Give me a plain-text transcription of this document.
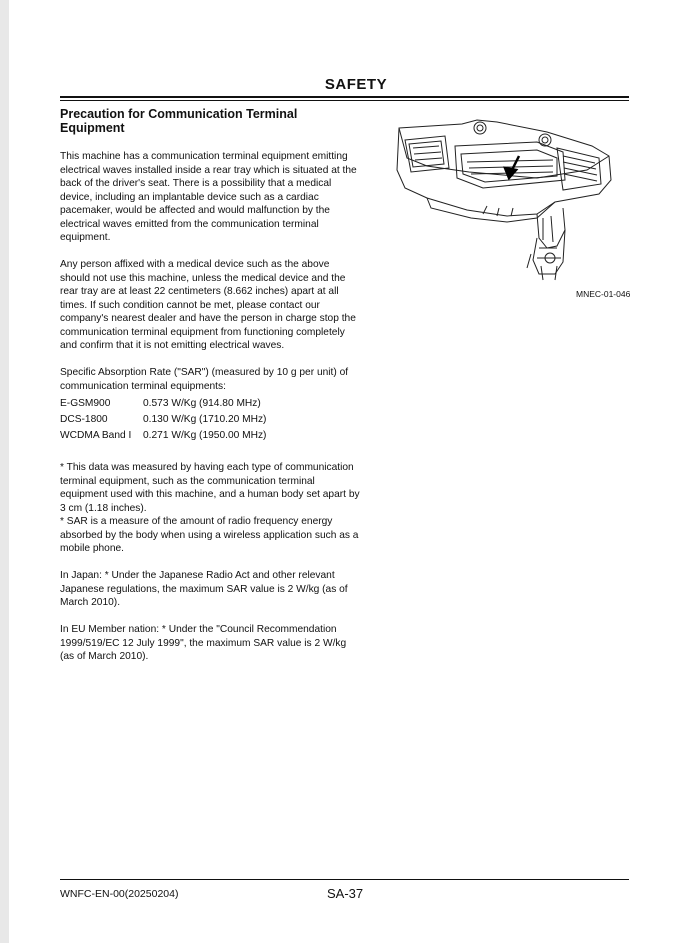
SAFETY
Precaution for Communication Terminal Equipment
This machine has a communication terminal equipment emitting electrical waves installed inside a rear tray which is situated at the back of the driver's seat. There is a possibility that a medical device, including an implantable device such as a cardiac pacemaker, would be affected and would malfunction by the electrical waves emitted from the communication terminal equipment.
Any person affixed with a medical device such as the above should not use this machine, unless the medical device and the rear tray are at least 22 centimeters (8.662 inches) apart at all times. If such condition cannot be met, please contact our company's nearest dealer and have the person in charge stop the communication terminal equipment from functioning completely and confirm that it is not emitting electrical waves.
Specific Absorption Rate ("SAR") (measured by 10 g per unit) of communication terminal equipments:
E-GSM900	0.573 W/Kg (914.80 MHz)
DCS-1800	0.130 W/Kg (1710.20 MHz)
WCDMA Band I	0.271 W/Kg (1950.00 MHz)
* This data was measured by having each type of communication terminal equipment, such as the communication terminal equipment used with this machine, and a human body set apart by 3 cm (1.18 inches).
* SAR is a measure of the amount of radio frequency energy absorbed by the body when using a wireless application such as a mobile phone.
In Japan: * Under the Japanese Radio Act and other relevant Japanese regulations, the maximum SAR value is 2 W/kg (as of March 2010).
In EU Member nation: * Under the "Council Recommendation 1999/519/EC 12 July 1999", the maximum SAR value is 2 W/kg (as of March 2010).
MNEC-01-046
WNFC-EN-00(20250204)	SA-37
